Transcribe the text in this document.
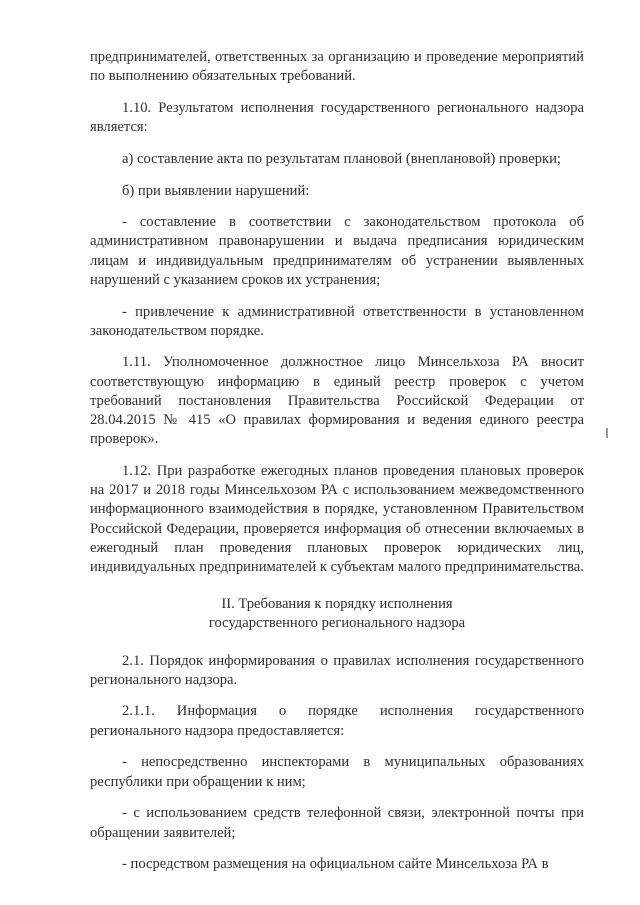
предпринимателей, ответственных за организацию и проведение мероприятий по выполнению обязательных требований.

1.10. Результатом исполнения государственного регионального надзора является:

а) составление акта по результатам плановой (внеплановой) проверки;

б) при выявлении нарушений:

- составление в соответствии с законодательством протокола об административном правонарушении и выдача предписания юридическим лицам и индивидуальным предпринимателям об устранении выявленных нарушений с указанием сроков их устранения;

- привлечение к административной ответственности в установленном законодательством порядке.

1.11. Уполномоченное должностное лицо Минсельхоза РА вносит соответствующую информацию в единый реестр проверок с учетом требований постановления Правительства Российской Федерации от 28.04.2015 № 415 «О правилах формирования и ведения единого реестра проверок».

1.12. При разработке ежегодных планов проведения плановых проверок на 2017 и 2018 годы Минсельхозом РА с использованием межведомственного информационного взаимодействия в порядке, установленном Правительством Российской Федерации, проверяется информация об отнесении включаемых в ежегодный план проведения плановых проверок юридических лиц, индивидуальных предпринимателей к субъектам малого предпринимательства.

II. Требования к порядку исполнения
государственного регионального надзора

2.1. Порядок информирования о правилах исполнения государственного регионального надзора.

2.1.1. Информация о порядке исполнения государственного регионального надзора предоставляется:

- непосредственно инспекторами в муниципальных образованиях республики при обращении к ним;

- с использованием средств телефонной связи, электронной почты при обращении заявителей;

- посредством размещения на официальном сайте Минсельхоза РА в
